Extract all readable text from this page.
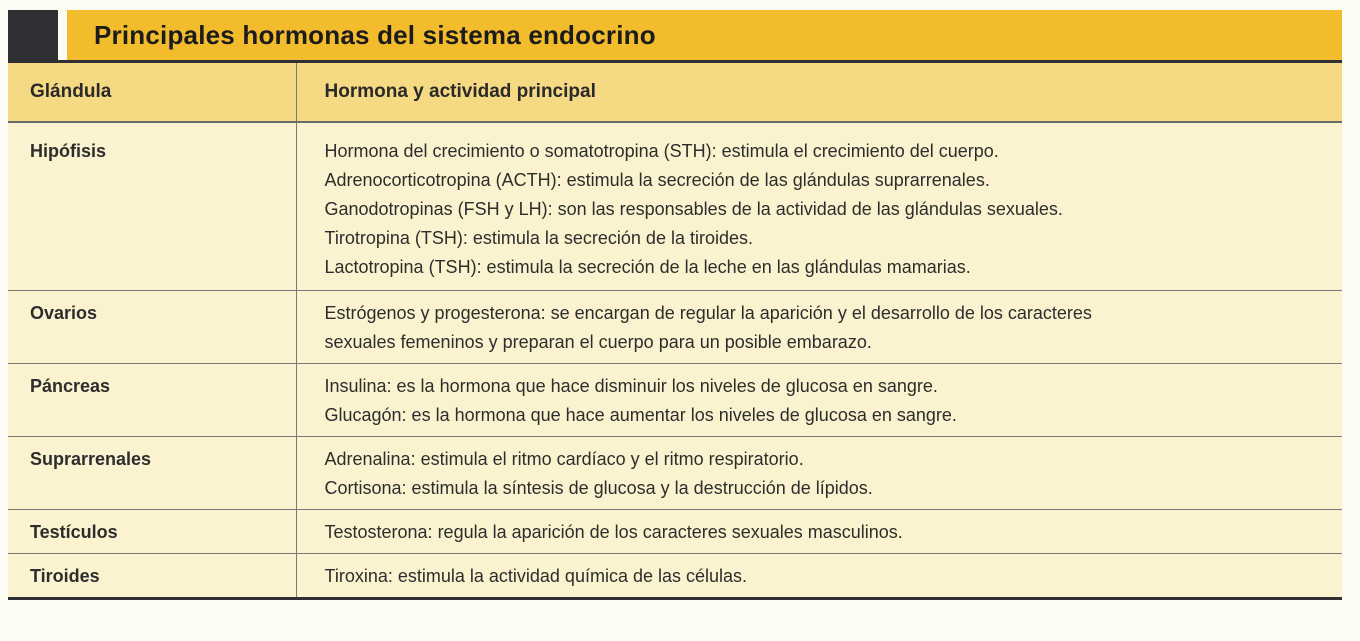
Principales hormonas del sistema endocrino
Glándula	Hormona y actividad principal
Hipófisis	Hormona del crecimiento o somatotropina (STH): estimula el crecimiento del cuerpo.
Adrenocorticotropina (ACTH): estimula la secreción de las glándulas suprarrenales.
Ganodotropinas (FSH y LH): son las responsables de la actividad de las glándulas sexuales.
Tirotropina (TSH): estimula la secreción de la tiroides.
Lactotropina (TSH): estimula la secreción de la leche en las glándulas mamarias.

Ovarios	Estrógenos y progesterona: se encargan de regular la aparición y el desarrollo de los caracteres
sexuales femeninos y preparan el cuerpo para un posible embarazo.

Páncreas	Insulina: es la hormona que hace disminuir los niveles de glucosa en sangre.
Glucagón: es la hormona que hace aumentar los niveles de glucosa en sangre.

Suprarrenales	Adrenalina: estimula el ritmo cardíaco y el ritmo respiratorio.
Cortisona: estimula la síntesis de glucosa y la destrucción de lípidos.

Testículos	Testosterona: regula la aparición de los caracteres sexuales masculinos.

Tiroides	Tiroxina: estimula la actividad química de las células.
